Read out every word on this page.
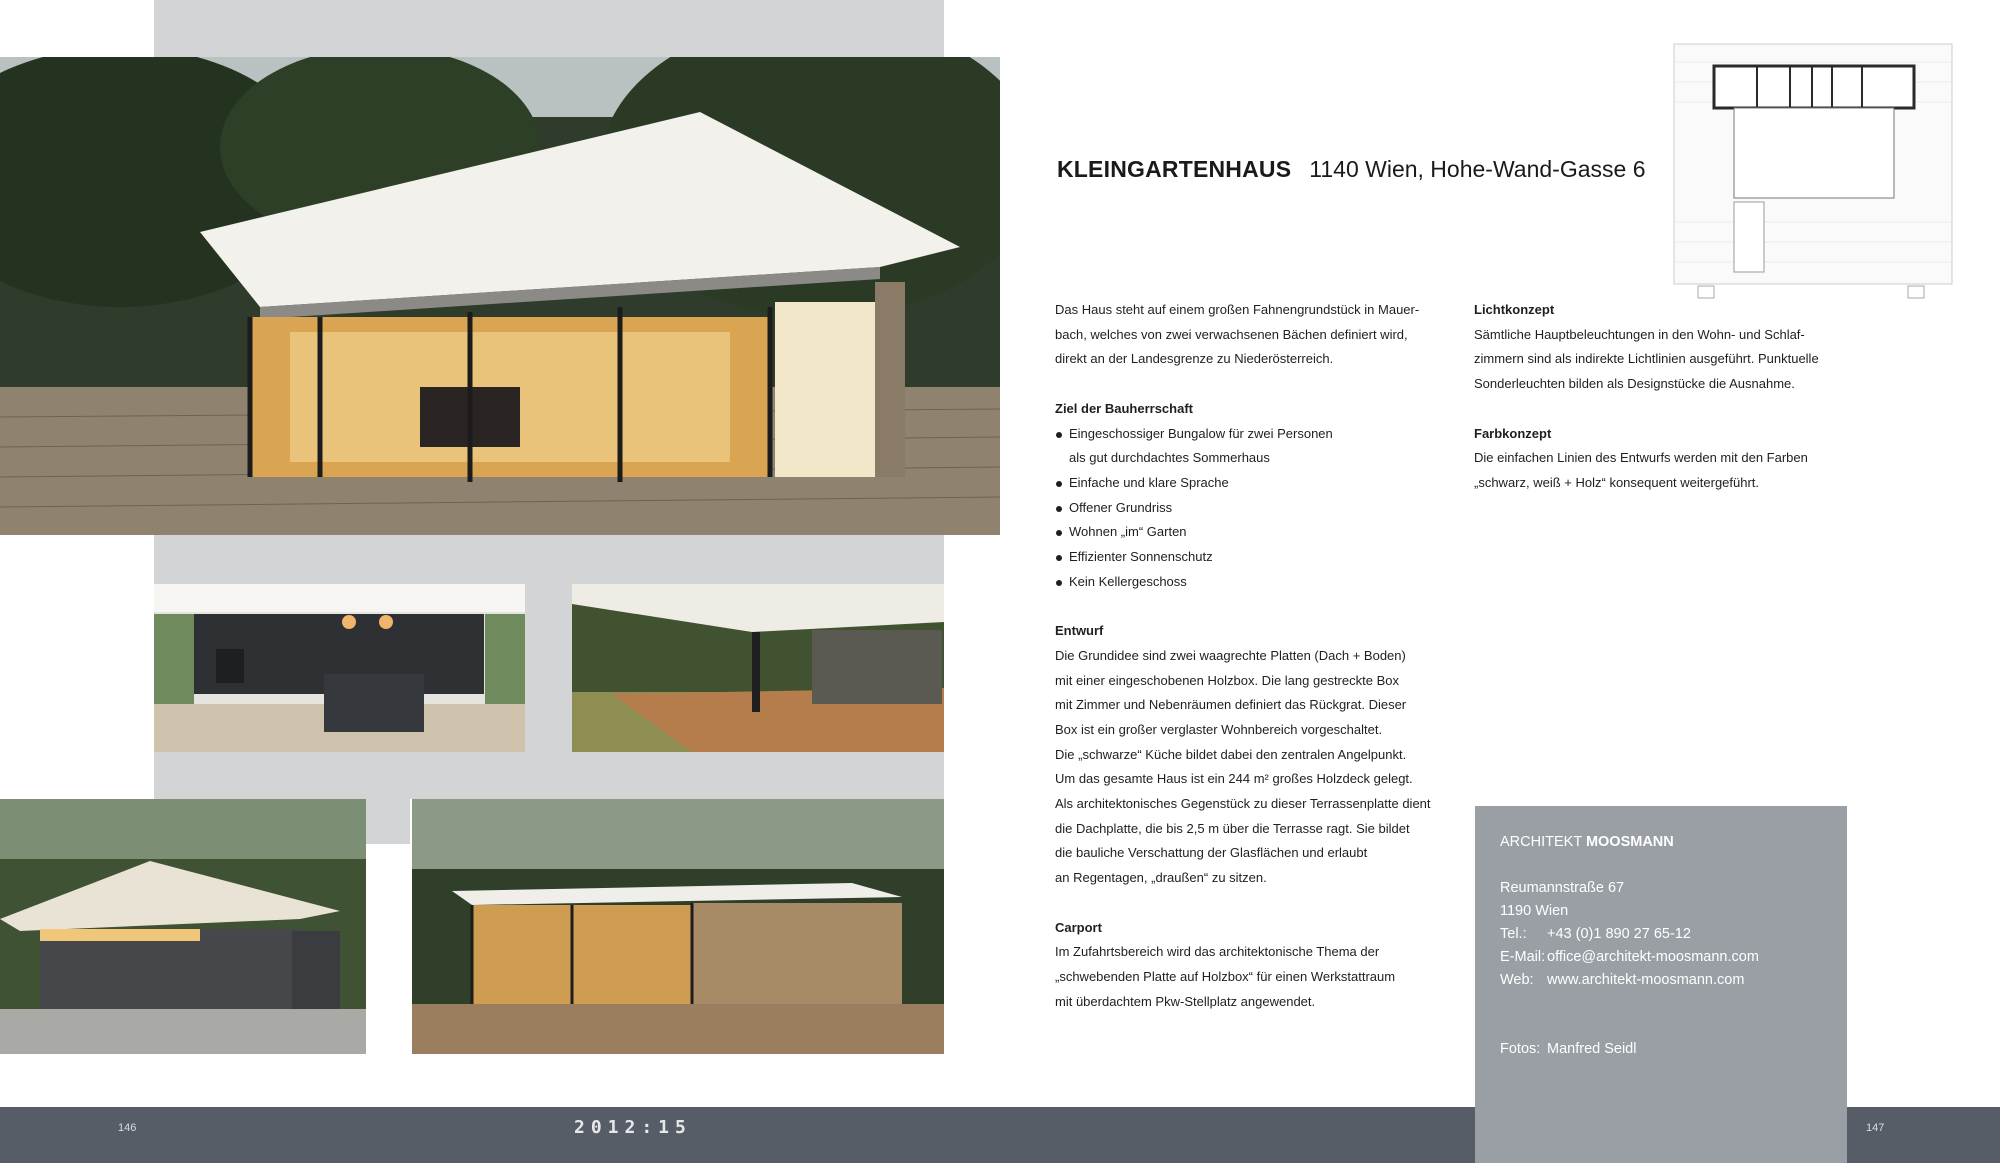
KLEINGARTENHAUS 1140 Wien, Hohe-Wand-Gasse 6

Das Haus steht auf einem großen Fahnengrundstück in Mauer-

bach, welches von zwei verwachsenen Bächen definiert wird,

direkt an der Landesgrenze zu Niederösterreich.

Ziel der Bauherrschaft

Eingeschossiger Bungalow für zwei Personen
als gut durchdachtes Sommerhaus
Einfache und klare Sprache
Offener Grundriss
Wohnen „im“ Garten
Effizienter Sonnenschutz
Kein Kellergeschoss

Entwurf

Die Grundidee sind zwei waagrechte Platten (Dach + Boden)

mit einer eingeschobenen Holzbox. Die lang gestreckte Box

mit Zimmer und Nebenräumen definiert das Rückgrat. Dieser

Box ist ein großer verglaster Wohnbereich vorgeschaltet.

Die „schwarze“ Küche bildet dabei den zentralen Angelpunkt.

Um das gesamte Haus ist ein 244 m² großes Holzdeck gelegt.

Als architektonisches Gegenstück zu dieser Terrassenplatte dient

die Dachplatte, die bis 2,5 m über die Terrasse ragt. Sie bildet

die bauliche Verschattung der Glasflächen und erlaubt

an Regentagen, „draußen“ zu sitzen.

Carport

Im Zufahrtsbereich wird das architektonische Thema der

„schwebenden Platte auf Holzbox“ für einen Werkstattraum

mit überdachtem Pkw-Stellplatz angewendet.

Lichtkonzept

Sämtliche Hauptbeleuchtungen in den Wohn- und Schlaf-

zimmern sind als indirekte Lichtlinien ausgeführt. Punktuelle

Sonderleuchten bilden als Designstücke die Ausnahme.

Farbkonzept

Die einfachen Linien des Entwurfs werden mit den Farben

„schwarz, weiß + Holz“ konsequent weitergeführt.

146	147
2012:15
ARCHITEKT MOOSMANN
Reumannstraße 67
1190 Wien
Tel.: +43 (0)1 890 27 65-12
E-Mail: office@architekt-moosmann.com
Web: www.architekt-moosmann.com
Fotos: Manfred Seidl
